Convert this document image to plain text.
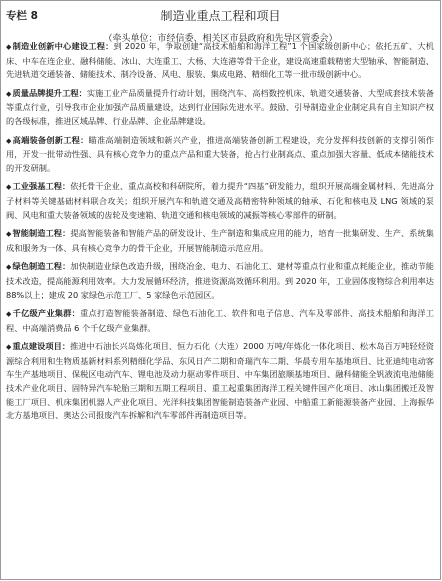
制造业重点工程和项目
专栏 8
（牵头单位：市经信委、相关区市县政府和先导区管委会）
◆制造业创新中心建设工程：到 2020 年，争取创建“高技术船舶和海洋工程”1 个国家级创新中心；依托五矿、大机床、中车在连企业、融科储能、冰山、大连重工、大杨、大连港等骨干企业，建设高速重载精密大型轴承、智能制造、先进轨道交通装备、储能技术、制冷设备、风电、服装、集成电路、精细化工等一批市级创新中心。
◆质量品牌提升工程：实施工业产品质量提升行动计划，围绕汽车、高档数控机床、轨道交通装备、大型成套技术装备等重点行业，引导我市企业加强产品质量建设，达到行业国际先进水平。鼓励、引导制造业企业制定具有自主知识产权的各级标准，推进区域品牌、行业品牌、企业品牌建设。
◆高端装备创新工程：瞄准高端制造领域和新兴产业，推进高端装备创新工程建设，充分发挥科技创新的支撑引领作用，开发一批带动性强、具有核心竞争力的重点产品和重大装备，抢占行业制高点、重点加强大容量、低成本储能技术的开发研制。
◆工业强基工程：依托骨干企业、重点高校和科研院所，着力提升“四基”研发能力，组织开展高端金属材料、先进高分子材料等关键基础材料联合攻关；组织开展汽车和轨道交通及高精密特种领域的轴承、石化和核电及 LNG 领域的泵阀、风电和重大装备领域的齿轮及变速箱、轨道交通和核电领域的减振等核心零部件的研制。
◆智能制造工程：提高智能装备和智能产品的研发设计、生产制造和集成应用的能力，培育一批集研发、生产、系统集成和服务为一体、具有核心竞争力的骨干企业，开展智能制造示范应用。
◆绿色制造工程：加快制造业绿色改造升级，围绕冶金、电力、石油化工、建材等重点行业和重点耗能企业，推动节能技术改造，提高能源利用效率。大力发展循环经济，推进资源高效循环利用。到 2020 年，工业固体废物综合利用率达 88%以上；建成 20 家绿色示范工厂、5 家绿色示范园区。
◆千亿级产业集群：重点打造智能装备制造、绿色石油化工、软件和电子信息、汽车及零部件、高技术船舶和海洋工程、中高端消费品 6 个千亿级产业集群。
◆重点建设项目：推进中石油长兴岛炼化项目、恒力石化（大连）2000 万吨/年炼化一体化项目、松木岛百万吨轻烃资源综合利用和生物质基新材料系列精细化学品、东风日产二期和奇瑞汽车二期、华晨专用车基地项目、比亚迪纯电动客车生产基地项目、保税区电动汽车、锂电池及动力驱动零件项目、中车集团旅顺基地项目、融科储能全钒液流电池储能技术产业化项目、固特异汽车轮胎三期和五期工程项目、重工起重集团海洋工程关键件国产化项目、冰山集团搬迁及智能工厂项目、机床集团机器人产业化项目、光洋科技集团智能制造装备产业园、中船重工新能源装备产业园、上海振华北方基地项目、奥达公司报废汽车拆解和汽车零部件再制造项目等。
